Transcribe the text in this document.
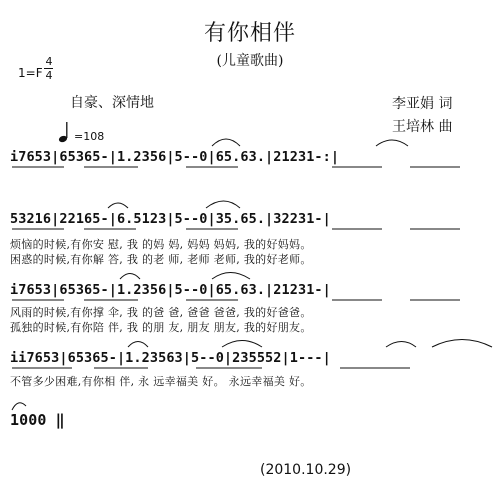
有你相伴
(儿童歌曲)
1=F
4
4
自豪、深情地	李亚娟 词
王培林 曲
=108
i7653|65365-|1.2356|5--0|65.63.|21231-:|
53216|22165-|6.5123|5--0|35.65.|32231-|
烦恼的时候,有你安 慰, 我 的妈 妈, 妈妈 妈妈, 我的好妈妈。
困惑的时候,有你解 答, 我 的老 师, 老师 老师, 我的好老师。
i7653|65365-|1.2356|5--0|65.63.|21231-|
风雨的时候,有你撑 伞, 我 的爸 爸, 爸爸 爸爸, 我的好爸爸。
孤独的时候,有你陪 伴, 我 的朋 友, 朋友 朋友, 我的好朋友。
ii7653|65365-|1.23563|5--0|235552|1---|
不管多少困难,有你相 伴, 永 远幸福美 好。 永远幸福美 好。
1000 ‖
(2010.10.29)
